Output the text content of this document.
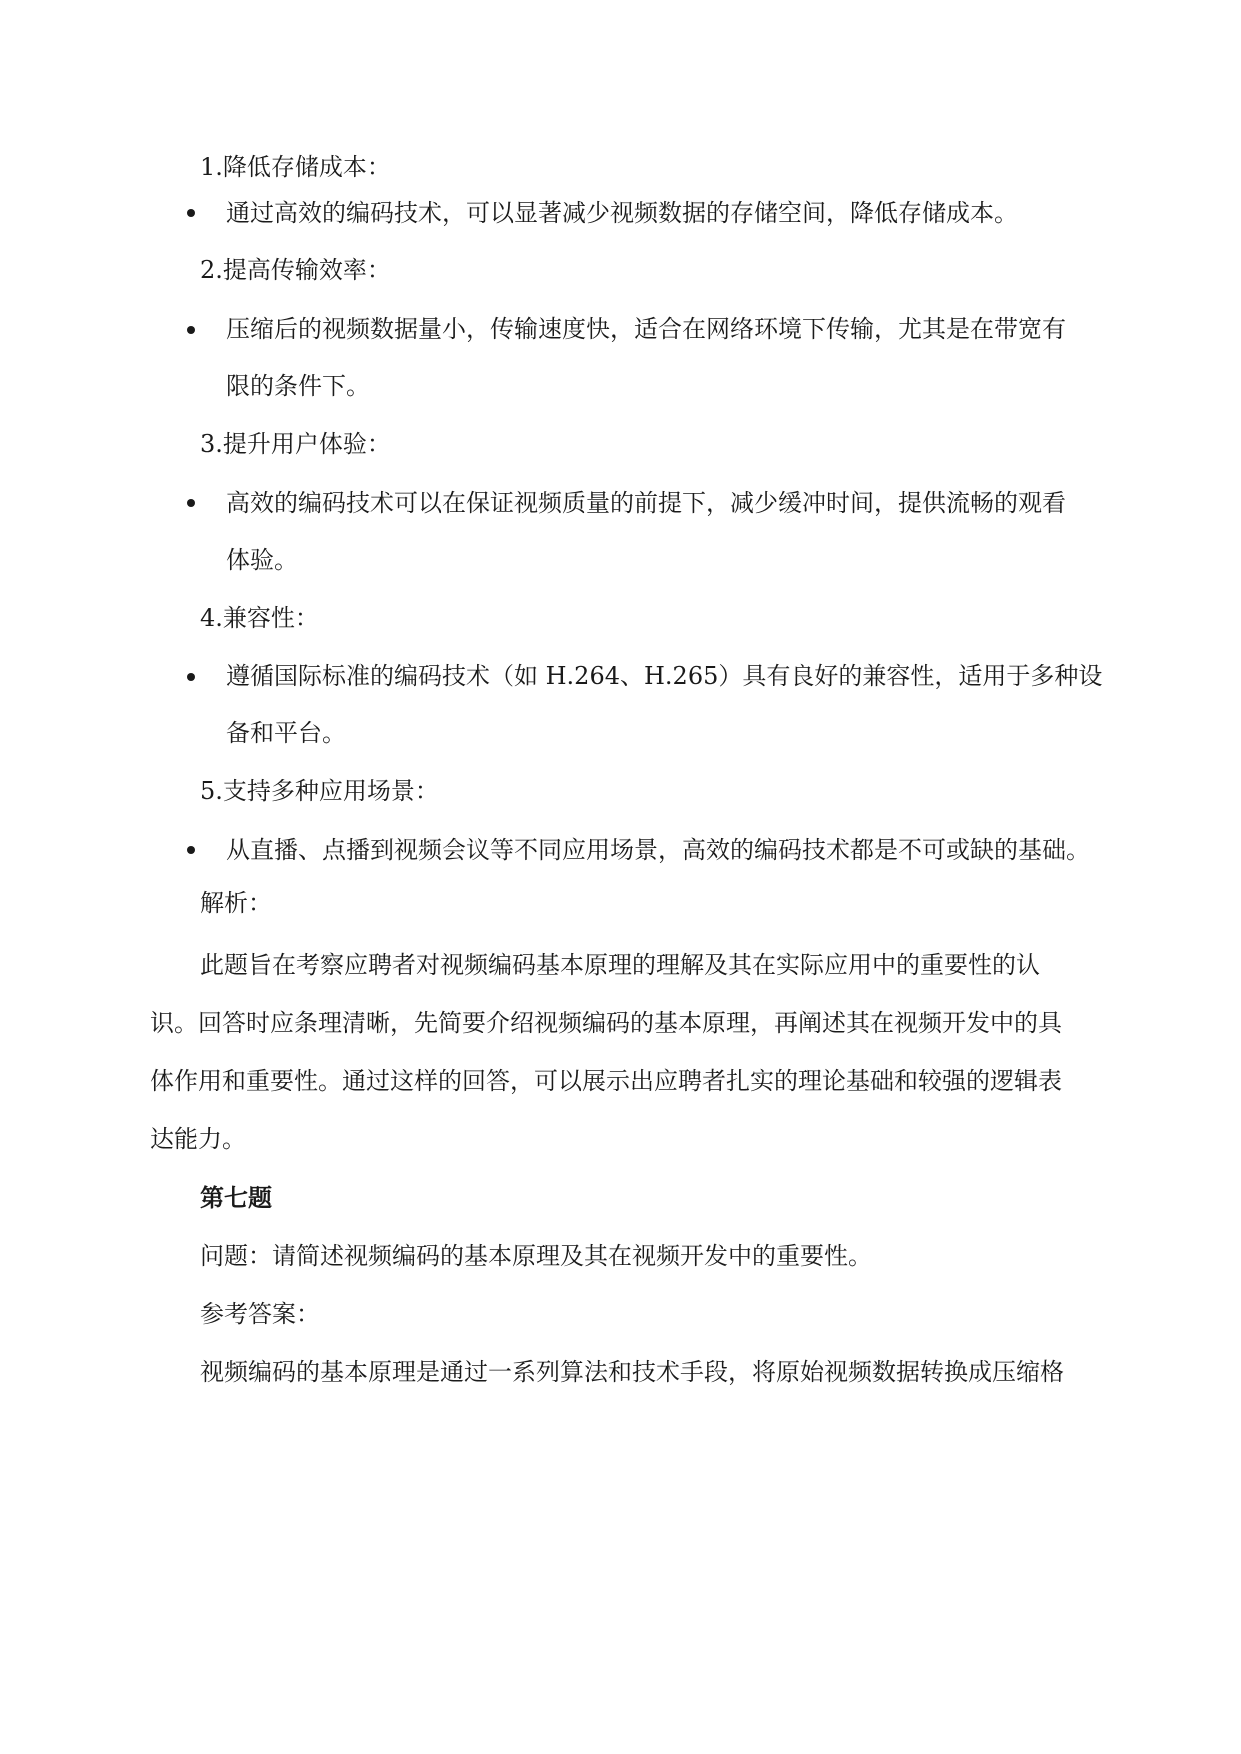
1.降低存储成本：
通过高效的编码技术，可以显著减少视频数据的存储空间，降低存储成本。
2.提高传输效率：
压缩后的视频数据量小，传输速度快，适合在网络环境下传输，尤其是在带宽有
限的条件下。
3.提升用户体验：
高效的编码技术可以在保证视频质量的前提下，减少缓冲时间，提供流畅的观看
体验。
4.兼容性：
遵循国际标准的编码技术（如 H.264、H.265）具有良好的兼容性，适用于多种设
备和平台。
5.支持多种应用场景：
从直播、点播到视频会议等不同应用场景，高效的编码技术都是不可或缺的基础。
解析：
此题旨在考察应聘者对视频编码基本原理的理解及其在实际应用中的重要性的认
识。回答时应条理清晰，先简要介绍视频编码的基本原理，再阐述其在视频开发中的具
体作用和重要性。通过这样的回答，可以展示出应聘者扎实的理论基础和较强的逻辑表
达能力。
第七题
问题：请简述视频编码的基本原理及其在视频开发中的重要性。
参考答案：
视频编码的基本原理是通过一系列算法和技术手段，将原始视频数据转换成压缩格
